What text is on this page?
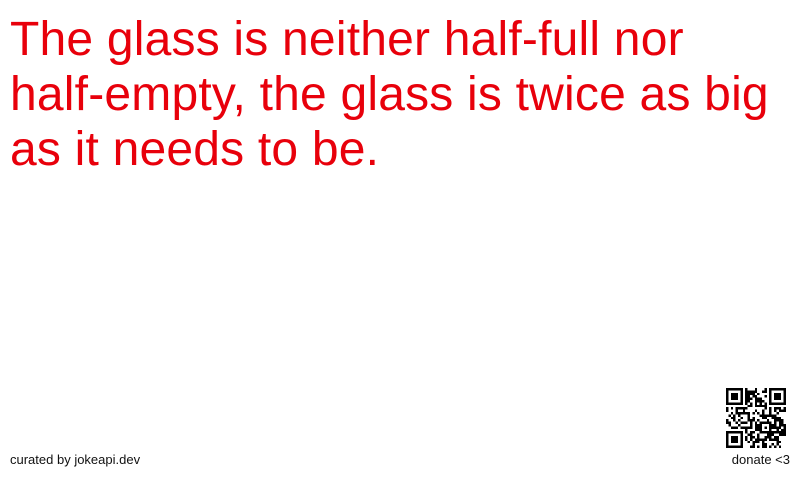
The glass is neither half-full nor half-empty, the glass is twice as big as it needs to be.

curated by jokeapi.dev	donate <3
